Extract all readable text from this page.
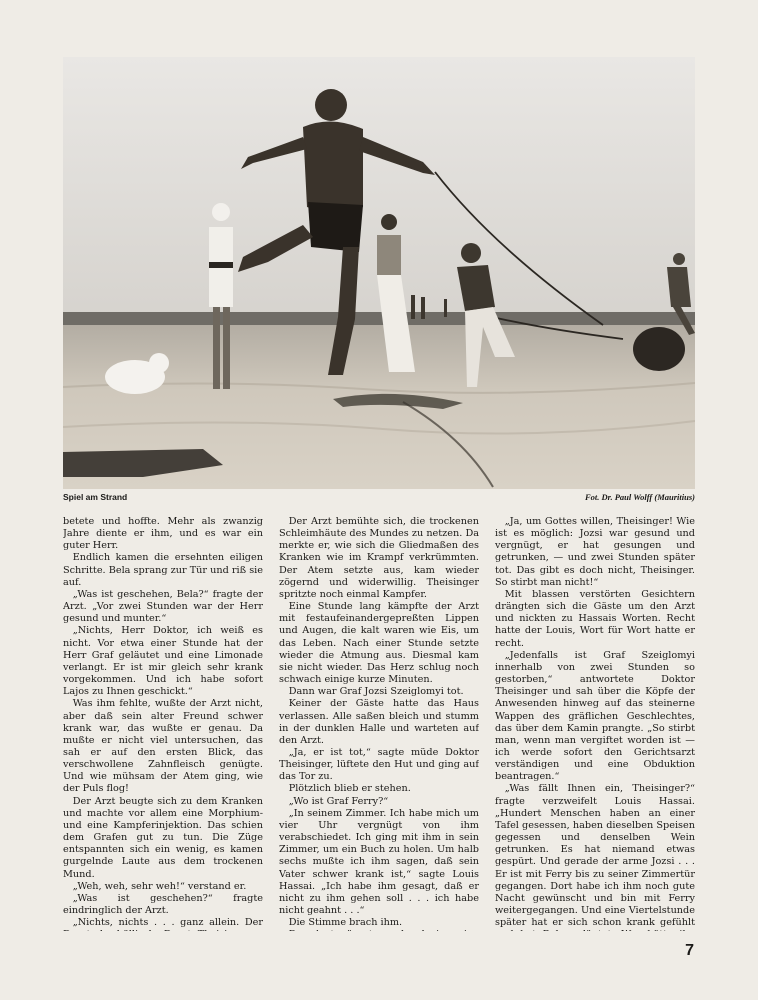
Spiel am Strand	Fot. Dr. Paul Wolff (Mauritius)

betete und hoffte. Mehr als zwanzig Jahre diente er ihm, und es war ein guter Herr.

Endlich kamen die ersehnten eiligen Schritte. Bela sprang zur Tür und riß sie auf.

„Was ist geschehen, Bela?“ fragte der Arzt. „Vor zwei Stunden war der Herr gesund und munter.“

„Nichts, Herr Doktor, ich weiß es nicht. Vor etwa einer Stunde hat der Herr Graf geläutet und eine Limonade verlangt. Er ist mir gleich sehr krank vorgekommen. Und ich habe sofort Lajos zu Ihnen geschickt.“

Was ihm fehlte, wußte der Arzt nicht, aber daß sein alter Freund schwer krank war, das wußte er genau. Da mußte er nicht viel untersuchen, das sah er auf den ersten Blick, das verschwollene Zahnfleisch genügte. Und wie mühsam der Atem ging, wie der Puls flog!

Der Arzt beugte sich zu dem Kranken und machte vor allem eine Morphium- und eine Kampferinjektion. Das schien dem Grafen gut zu tun. Die Züge entspannten sich ein wenig, es kamen gurgelnde Laute aus dem trockenen Mund.

„Weh, weh, sehr weh!“ verstand er.

„Was ist geschehen?“ fragte eindringlich der Arzt.

„Nichts, nichts . . . ganz allein. Der

Der Arzt bemühte sich, die trockenen Schleimhäute des Mundes zu netzen. Da merkte er, wie sich die Gliedmaßen des Kranken wie im Krampf verkrümmten. Der Atem setzte aus, kam wieder zögernd und widerwillig. Theisinger spritzte noch einmal Kampfer.

Eine Stunde lang kämpfte der Arzt mit festaufeinandergepreßten Lippen und Augen, die kalt waren wie Eis, um das Leben. Nach einer Stunde setzte wieder die Atmung aus. Diesmal kam sie nicht wieder. Das Herz schlug noch schwach einige kurze Minuten.

Dann war Graf Jozsi Szeiglomyi tot.

Keiner der Gäste hatte das Haus verlassen. Alle saßen bleich und stumm in der dunklen Halle und warteten auf den Arzt.

„Ja, er ist tot,“ sagte müde Doktor Theisinger, lüftete den Hut und ging auf das Tor zu.

Plötzlich blieb er stehen.

„Wo ist Graf Ferry?“

„In seinem Zimmer. Ich habe mich um vier Uhr vergnügt von ihm verabschiedet. Ich ging mit ihm in sein Zimmer, um ein Buch zu holen. Um halb sechs mußte ich ihm sagen, daß sein Vater schwer krank ist,“ sagte Louis Hassai. „Ich habe ihm gesagt, daß er nicht zu ihm gehen soll . . . ich habe nicht geahnt . . .“

Die Stimme brach ihm.

„Ja, um Gottes willen, Theisinger! Wie ist es möglich: Jozsi war gesund und vergnügt, er hat gesungen und getrunken, — und zwei Stunden später tot. Das gibt es doch nicht, Theisinger. So stirbt man nicht!“

Mit blassen verstörten Gesichtern drängten sich die Gäste um den Arzt und nickten zu Hassais Worten. Recht hatte der Louis, Wort für Wort hatte er recht.

„Jedenfalls ist Graf Szeiglomyi innerhalb von zwei Stunden so gestorben,“ antwortete Doktor Theisinger und sah über die Köpfe der Anwesenden hinweg auf das steinerne Wappen des gräflichen Geschlechtes, das über dem Kamin prangte. „So stirbt man, wenn man vergiftet worden ist — ich werde sofort den Gerichtsarzt verständigen und eine Obduktion beantragen.“

„Was fällt Ihnen ein, Theisinger?“ fragte verzweifelt Louis Hassai. „Hundert Menschen haben an einer Tafel gesessen, haben dieselben Speisen gegessen und denselben Wein getrunken. Es hat niemand etwas gespürt. Und gerade der arme Jozsi . . . Er ist mit Ferry bis zu seiner Zimmertür gegangen. Dort habe ich ihm noch gute Nacht gewünscht und bin mit Ferry weitergegangen. Und eine Viertelstunde später hat er sich schon krank gefühlt

7
